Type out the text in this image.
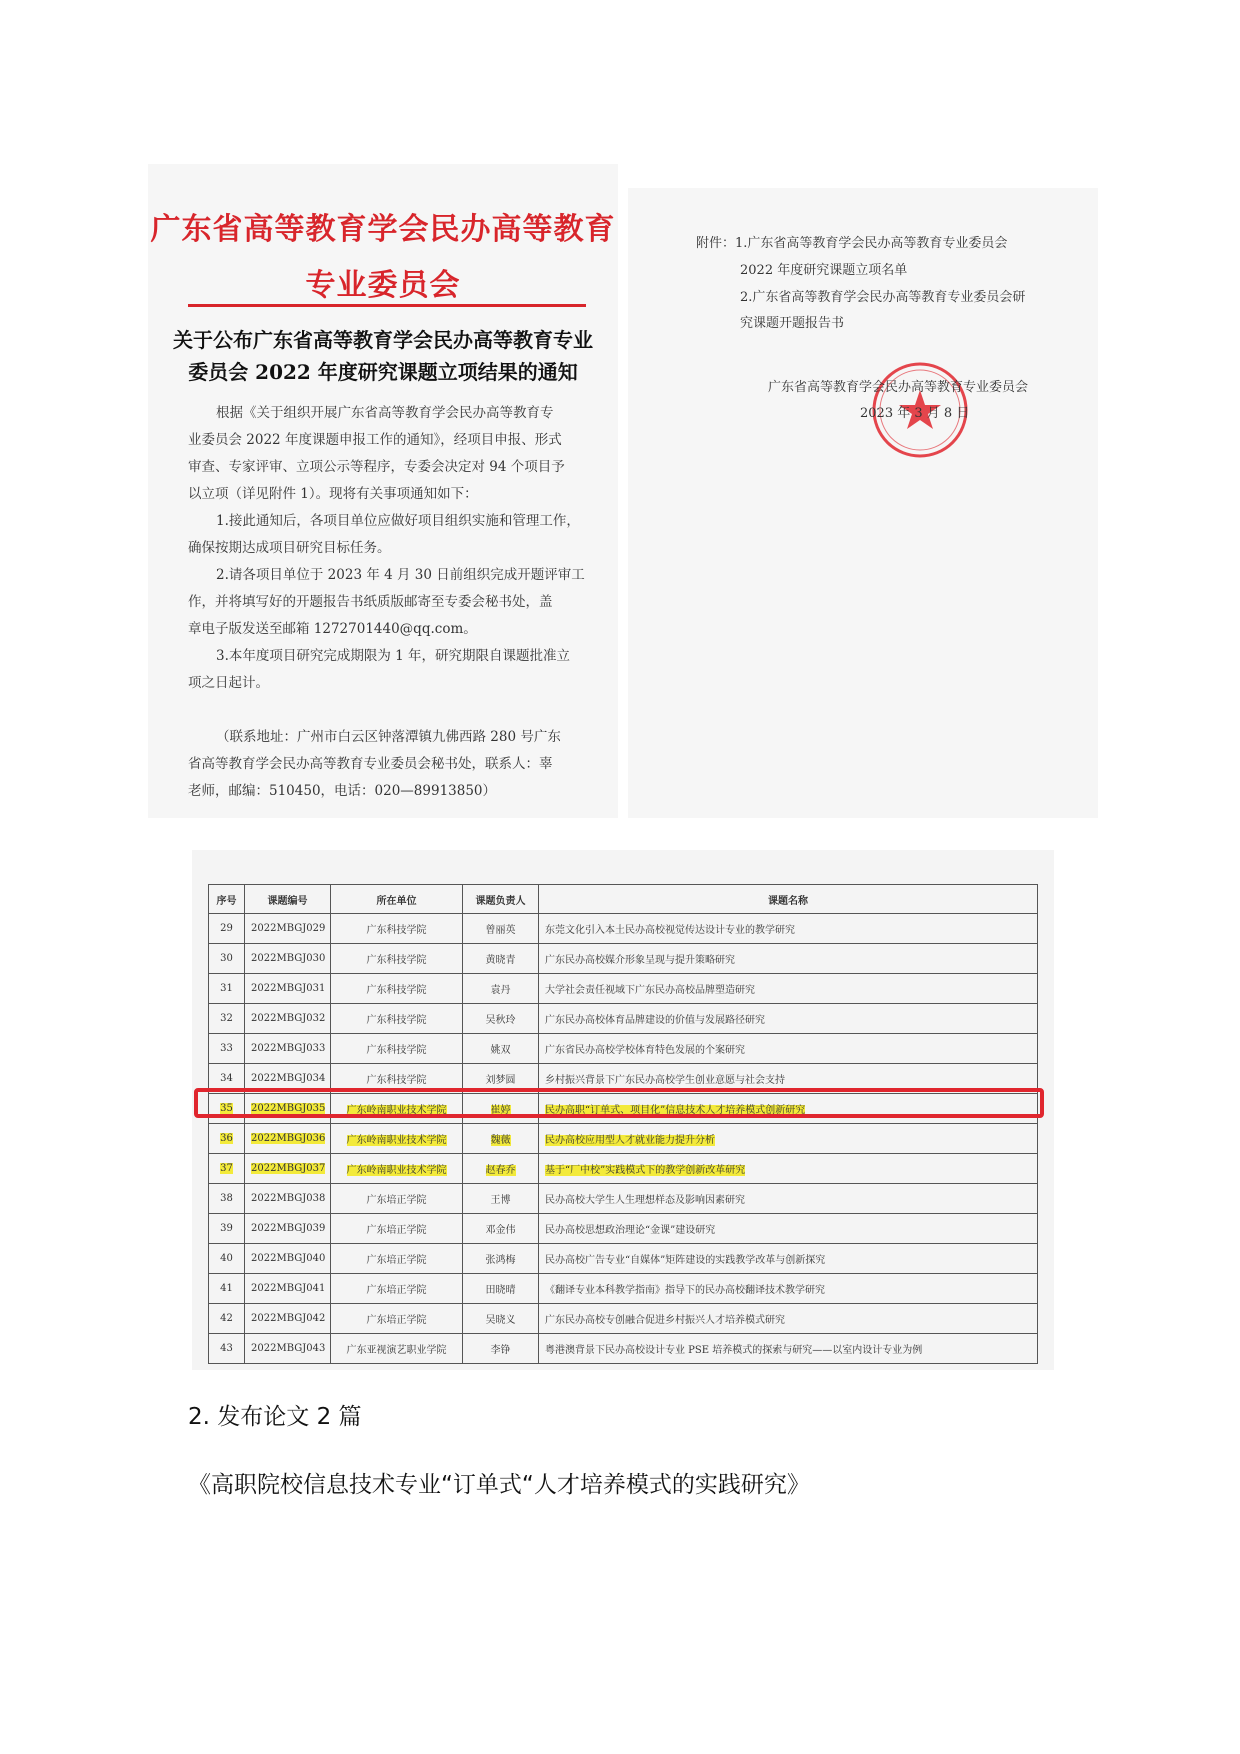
广东省高等教育学会民办高等教育
专业委员会
关于公布广东省高等教育学会民办高等教育专业
委员会 2022 年度研究课题立项结果的通知
根据《关于组织开展广东省高等教育学会民办高等教育专
业委员会 2022 年度课题申报工作的通知》，经项目申报、形式
审查、专家评审、立项公示等程序，专委会决定对 94 个项目予
以立项（详见附件 1）。现将有关事项通知如下：
1.接此通知后，各项目单位应做好项目组织实施和管理工作，
确保按期达成项目研究目标任务。
2.请各项目单位于 2023 年 4 月 30 日前组织完成开题评审工
作，并将填写好的开题报告书纸质版邮寄至专委会秘书处，盖
章电子版发送至邮箱 1272701440@qq.com。
3.本年度项目研究完成期限为 1 年，研究期限自课题批准立
项之日起计。
（联系地址：广州市白云区钟落潭镇九佛西路 280 号广东
省高等教育学会民办高等教育专业委员会秘书处，联系人：辜
老师，邮编：510450，电话：020—89913850）
附件：1.广东省高等教育学会民办高等教育专业委员会
2022 年度研究课题立项名单
2.广东省高等教育学会民办高等教育专业委员会研
究课题开题报告书
广东省高等教育学会民办高等教育专业委员会
2023 年 3 月 8 日
序号	课题编号	所在单位	课题负责人	课题名称
29	2022MBGJ029	广东科技学院	曾丽英	东莞文化引入本土民办高校视觉传达设计专业的教学研究
30	2022MBGJ030	广东科技学院	黄晓青	广东民办高校媒介形象呈现与提升策略研究
31	2022MBGJ031	广东科技学院	袁丹	大学社会责任视域下广东民办高校品牌塑造研究
32	2022MBGJ032	广东科技学院	吴秋玲	广东民办高校体育品牌建设的价值与发展路径研究
33	2022MBGJ033	广东科技学院	姚双	广东省民办高校学校体育特色发展的个案研究
34	2022MBGJ034	广东科技学院	刘梦圆	乡村振兴背景下广东民办高校学生创业意愿与社会支持
35	2022MBGJ035	广东岭南职业技术学院	崔婷	民办高职“订单式、项目化”信息技术人才培养模式创新研究
36	2022MBGJ036	广东岭南职业技术学院	魏薇	民办高校应用型人才就业能力提升分析
37	2022MBGJ037	广东岭南职业技术学院	赵春乔	基于“厂中校”实践模式下的教学创新改革研究
38	2022MBGJ038	广东培正学院	王博	民办高校大学生人生理想样态及影响因素研究
39	2022MBGJ039	广东培正学院	邓金伟	民办高校思想政治理论“金课”建设研究
40	2022MBGJ040	广东培正学院	张鸿梅	民办高校广告专业“自媒体”矩阵建设的实践教学改革与创新探究
41	2022MBGJ041	广东培正学院	田晓晴	《翻译专业本科教学指南》指导下的民办高校翻译技术教学研究
42	2022MBGJ042	广东培正学院	吴晓义	广东民办高校专创融合促进乡村振兴人才培养模式研究
43	2022MBGJ043	广东亚视演艺职业学院	李铮	粤港澳背景下民办高校设计专业 PSE 培养模式的探索与研究——以室内设计专业为例
2. 发布论文 2 篇
《高职院校信息技术专业“订单式“人才培养模式的实践研究》
